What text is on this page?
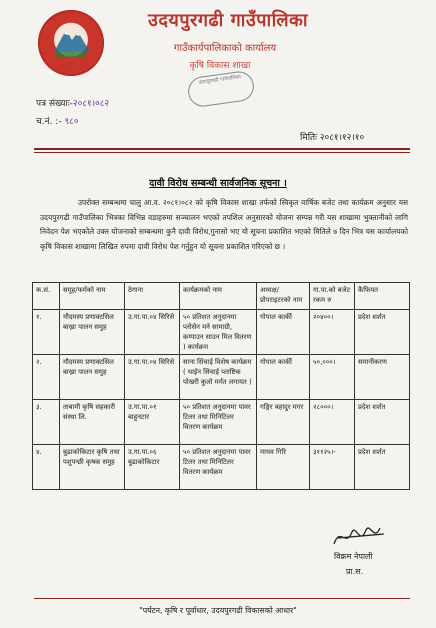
उदयपुरगढी गाउँपालिका
गाउँकार्यपालिकाको कार्यालय
कृषि विकास शाखा
उदयपुरगढी गाउँपालिका
पत्र संख्याः-२०८१।०८२
च.नं. :- ९८०
मितिः २०८१।१२।१०
दावी विरोध सम्बन्धी सार्वजनिक सूचना ।
उपरोक्त सम्बन्धमा चालु आ.व. २०८१।०८२ को कृषि विकास शाखा तर्फको स्विकृत वार्षिक बजेट तथा कार्यक्रम अनुसार यस उदयपुरगढी गाउँपालिका भित्रका विभिन्न वडाहरुमा सञ्चालन भएको तपशिल अनुसारको योजना सम्पन्न गरी यस शाखामा भुक्तानीको लागि निवेदन पेश भएकोले उक्त योजनाको सम्बन्धमा कुनै दावी विरोध,गुनासो भए यो सूचना प्रकाशित भएको मितिले ७ दिन भित्र यस कार्यालयको कृषि विकास शाखामा लिखित रुपमा दावी विरोध पेश गर्नुहुन यो सूचना प्रकाशित गरिएको छ ।
क.सं.	समूह/फर्मको नाम	ठेगाना	कार्यक्रमको नाम	अध्यक्ष/प्रोपराइटरको नाम	गा.पा.को बजेट रकम रु	कैफियत
१.	मौदमस्य प्रणाक्टसिल बाख्रा पालन समुह	उ.गा.पा.०४ सिरिसे	५० प्रतिशत अनुदानमा प्लोसेन मने सामाग्री, कम्पाउन साउन मिल वितरण ) कार्यक्रम	गोपाल कार्की	२०४००।	प्रदेश शर्शत
२.	मौदमस्य प्रणाक्टसिल बाख्रा पालन समुह	उ.गा.पा.०४ सिरिसे	साना सिंचाई विशेष कार्यक्रम ( थाईन सिंचाई प्लाष्टिक पोखरी कुलो मर्मत लगायत )	गोपाल कार्की	५०,०००।	समानीकरण
३.	ताबामी कृषि सहकारी संस्था लि.	उ.गा.पा.०१ बाहुनटार	५० प्रतिशत अनुदानमा पावर टिलर तथा मिनिटिलर वितरण कार्यक्रम	गङ्गिर बहादुर मगर	२८०००।	प्रदेश शर्शत
४.	बुढाकोकिटार कृषि तथा पशुपन्छी कृषक समुह	उ.गा.पा.०६ बुढाकोकिटार	५० प्रतिशत अनुदानमा पावर टिलर तथा मिनिटिलर वितरण कार्यक्रम	माधव गिरि	३११२५।-	प्रदेश शर्शत
विक्रम नेपाली
प्रा.स.
"पर्यटन, कृषि र पूर्वाधार, उदयपुरगढी विकासको आधार"
